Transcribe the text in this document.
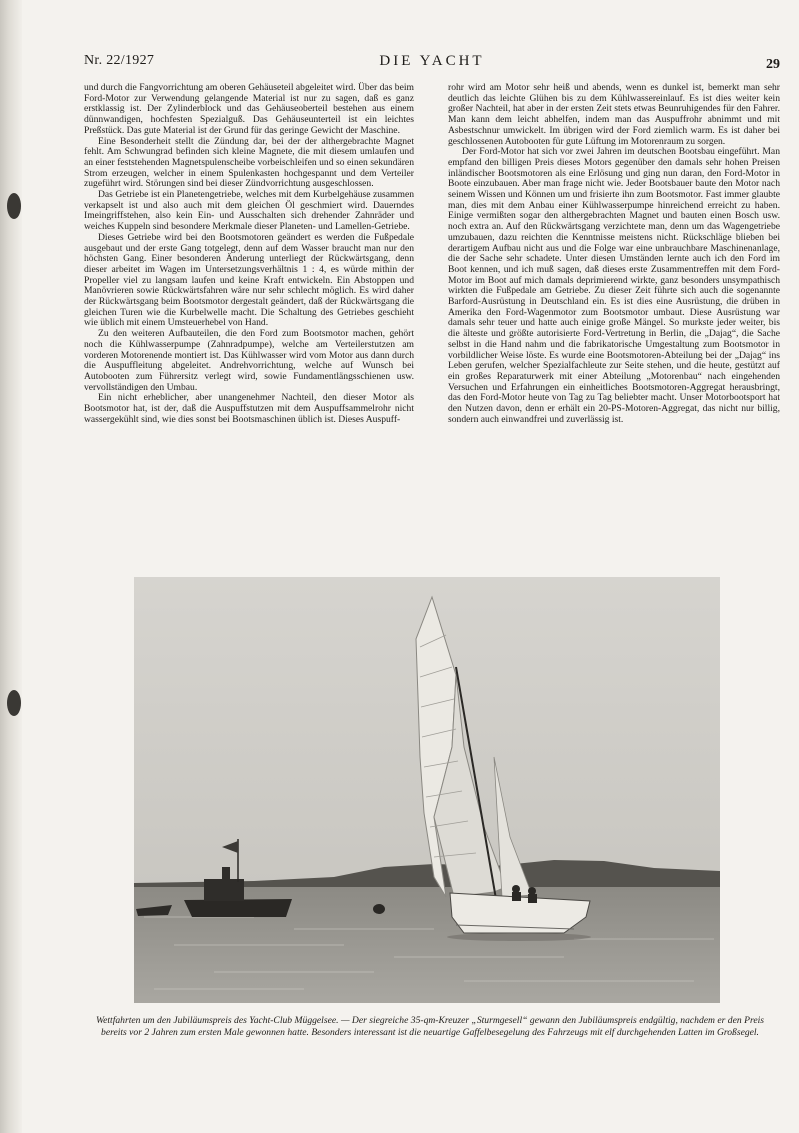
Nr. 22/1927	DIE YACHT	29

und durch die Fangvorrichtung am oberen Gehäuseteil abgeleitet wird. Über das beim Ford-Motor zur Verwendung gelangende Material ist nur zu sagen, daß es ganz erstklassig ist. Der Zylinderblock und das Gehäuseoberteil bestehen aus einem dünnwandigen, hochfesten Spezialguß. Das Gehäuseunterteil ist ein leichtes Preßstück. Das gute Material ist der Grund für das geringe Gewicht der Maschine.

Eine Besonderheit stellt die Zündung dar, bei der der althergebrachte Magnet fehlt. Am Schwungrad befinden sich kleine Magnete, die mit diesem umlaufen und an einer feststehenden Magnetspulenscheibe vorbeischleifen und so einen sekundären Strom erzeugen, welcher in einem Spulenkasten hochgespannt und dem Verteiler zugeführt wird. Störungen sind bei dieser Zündvorrichtung ausgeschlossen.

Das Getriebe ist ein Planetengetriebe, welches mit dem Kurbelgehäuse zusammen verkapselt ist und also auch mit dem gleichen Öl geschmiert wird. Dauerndes Imeingriffstehen, also kein Ein- und Ausschalten sich drehender Zahnräder und weiches Kuppeln sind besondere Merkmale dieser Planeten- und Lamellen-Getriebe.

Dieses Getriebe wird bei den Bootsmotoren geändert es werden die Fußpedale ausgebaut und der erste Gang totgelegt, denn auf dem Wasser braucht man nur den höchsten Gang. Einer besonderen Änderung unterliegt der Rückwärtsgang, denn dieser arbeitet im Wagen im Untersetzungsverhältnis 1 : 4, es würde mithin der Propeller viel zu langsam laufen und keine Kraft entwickeln. Ein Abstoppen und Manövrieren sowie Rückwärtsfahren wäre nur sehr schlecht möglich. Es wird daher der Rückwärtsgang beim Bootsmotor dergestalt geändert, daß der Rückwärtsgang die gleichen Turen wie die Kurbelwelle macht. Die Schaltung des Getriebes geschieht wie üblich mit einem Umsteuerhebel von Hand.

Zu den weiteren Aufbauteilen, die den Ford zum Bootsmotor machen, gehört noch die Kühlwasserpumpe (Zahnradpumpe), welche am Verteilerstutzen am vorderen Motorenende montiert ist. Das Kühlwasser wird vom Motor aus dann durch die Auspuffleitung abgeleitet. Andrehvorrichtung, welche auf Wunsch bei Autobooten zum Führersitz verlegt wird, sowie Fundamentlängsschienen usw. vervollständigen den Umbau.

Ein nicht erheblicher, aber unangenehmer Nachteil, den dieser Motor als Bootsmotor hat, ist der, daß die Auspuffstutzen mit dem Auspuffsammelrohr nicht wassergekühlt sind, wie dies sonst bei Bootsmaschinen üblich ist. Dieses Auspuff-

rohr wird am Motor sehr heiß und abends, wenn es dunkel ist, bemerkt man sehr deutlich das leichte Glühen bis zu dem Kühlwassereinlauf. Es ist dies weiter kein großer Nachteil, hat aber in der ersten Zeit stets etwas Beunruhigendes für den Fahrer. Man kann dem leicht abhelfen, indem man das Auspuffrohr abnimmt und mit Asbestschnur umwickelt. Im übrigen wird der Ford ziemlich warm. Es ist daher bei geschlossenen Autobooten für gute Lüftung im Motorenraum zu sorgen.

Der Ford-Motor hat sich vor zwei Jahren im deutschen Bootsbau eingeführt. Man empfand den billigen Preis dieses Motors gegenüber den damals sehr hohen Preisen inländischer Bootsmotoren als eine Erlösung und ging nun daran, den Ford-Motor in Boote einzubauen. Aber man frage nicht wie. Jeder Bootsbauer baute den Motor nach seinem Wissen und Können um und frisierte ihn zum Bootsmotor. Fast immer glaubte man, dies mit dem Anbau einer Kühlwasserpumpe hinreichend erreicht zu haben. Einige vermißten sogar den althergebrachten Magnet und bauten einen Bosch usw. noch extra an. Auf den Rückwärtsgang verzichtete man, denn um das Wagengetriebe umzubauen, dazu reichten die Kenntnisse meistens nicht. Rückschläge blieben bei derartigem Aufbau nicht aus und die Folge war eine unbrauchbare Maschinenanlage, die der Sache sehr schadete. Unter diesen Umständen lernte auch ich den Ford im Boot kennen, und ich muß sagen, daß dieses erste Zusammentreffen mit dem Ford-Motor im Boot auf mich damals deprimierend wirkte, ganz besonders unsympathisch wirkten die Fußpedale am Getriebe. Zu dieser Zeit führte sich auch die sogenannte Barford-Ausrüstung in Deutschland ein. Es ist dies eine Ausrüstung, die drüben in Amerika den Ford-Wagenmotor zum Bootsmotor umbaut. Diese Ausrüstung war damals sehr teuer und hatte auch einige große Mängel. So murkste jeder weiter, bis die älteste und größte autorisierte Ford-Vertretung in Berlin, die „Dajag“, die Sache selbst in die Hand nahm und die fabrikatorische Umgestaltung zum Bootsmotor in vorbildlicher Weise löste. Es wurde eine Bootsmotoren-Abteilung bei der „Dajag“ ins Leben gerufen, welcher Spezialfachleute zur Seite stehen, und die heute, gestützt auf ein großes Reparaturwerk mit einer Abteilung „Motorenbau“ nach eingehenden Versuchen und Erfahrungen ein einheitliches Bootsmotoren-Aggregat herausbringt, das den Ford-Motor heute von Tag zu Tag beliebter macht. Unser Motorbootsport hat den Nutzen davon, denn er erhält ein 20-PS-Motoren-Aggregat, das nicht nur billig, sondern auch einwandfrei und zuverlässig ist.

Wettfahrten um den Jubiläumspreis des Yacht-Club Müggelsee. — Der siegreiche 35-qm-Kreuzer „Sturmgesell“ gewann den Jubiläumspreis endgültig, nachdem er den Preis bereits vor 2 Jahren zum ersten Male gewonnen hatte. Besonders interessant ist die neuartige Gaffelbesegelung des Fahrzeugs mit elf durchgehenden Latten im Großsegel.
